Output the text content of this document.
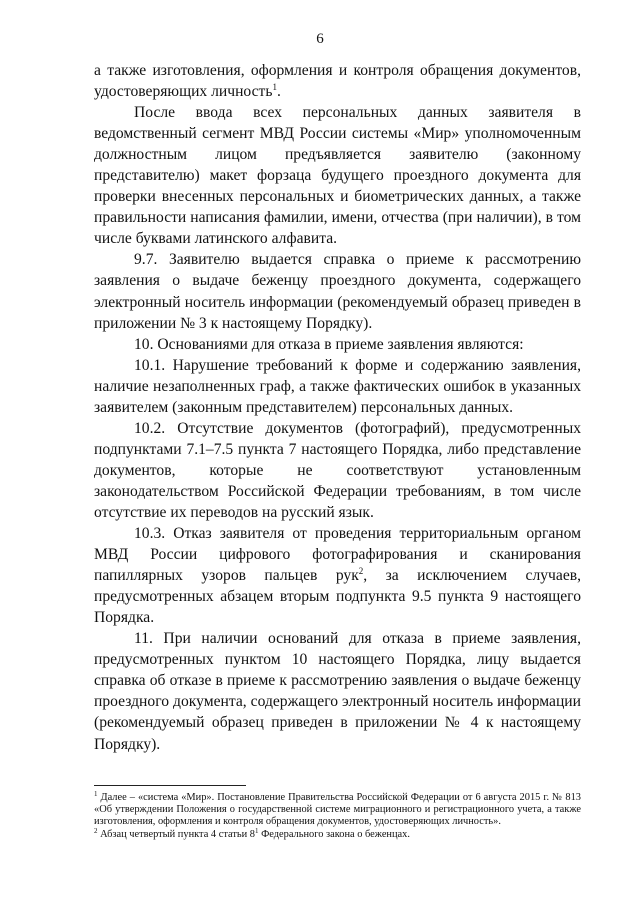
6

а также изготовления, оформления и контроля обращения документов, удостоверяющих личность$^1$.

После ввода всех персональных данных заявителя в ведомственный сегмент МВД России системы «Мир» уполномоченным должностным лицом предъявляется заявителю (законному представителю) макет форзаца будущего проездного документа для проверки внесенных персональных и биометрических данных, а также правильности написания фамилии, имени, отчества (при наличии), в том числе буквами латинского алфавита.

9.7. Заявителю выдается справка о приеме к рассмотрению заявления о выдаче беженцу проездного документа, содержащего электронный носитель информации (рекомендуемый образец приведен в приложении № 3 к настоящему Порядку).

10. Основаниями для отказа в приеме заявления являются:

10.1. Нарушение требований к форме и содержанию заявления, наличие незаполненных граф, а также фактических ошибок в указанных заявителем (законным представителем) персональных данных.

10.2. Отсутствие документов (фотографий), предусмотренных подпунктами 7.1–7.5 пункта 7 настоящего Порядка, либо представление документов, которые не соответствуют установленным законодательством Российской Федерации требованиям, в том числе отсутствие их переводов на русский язык.

10.3. Отказ заявителя от проведения территориальным органом МВД России цифрового фотографирования и сканирования папиллярных узоров пальцев рук$^2$, за исключением случаев, предусмотренных абзацем вторым подпункта 9.5 пункта 9 настоящего Порядка.

11. При наличии оснований для отказа в приеме заявления, предусмотренных пунктом 10 настоящего Порядка, лицу выдается справка об отказе в приеме к рассмотрению заявления о выдаче беженцу проездного документа, содержащего электронный носитель информации (рекомендуемый образец приведен в приложении № 4 к настоящему Порядку).

$^1$ Далее – «система «Мир». Постановление Правительства Российской Федерации от 6 августа 2015 г. № 813 «Об утверждении Положения о государственной системе миграционного и регистрационного учета, а также изготовления, оформления и контроля обращения документов, удостоверяющих личность».

$^2$ Абзац четвертый пункта 4 статьи $8^1$ Федерального закона о беженцах.
